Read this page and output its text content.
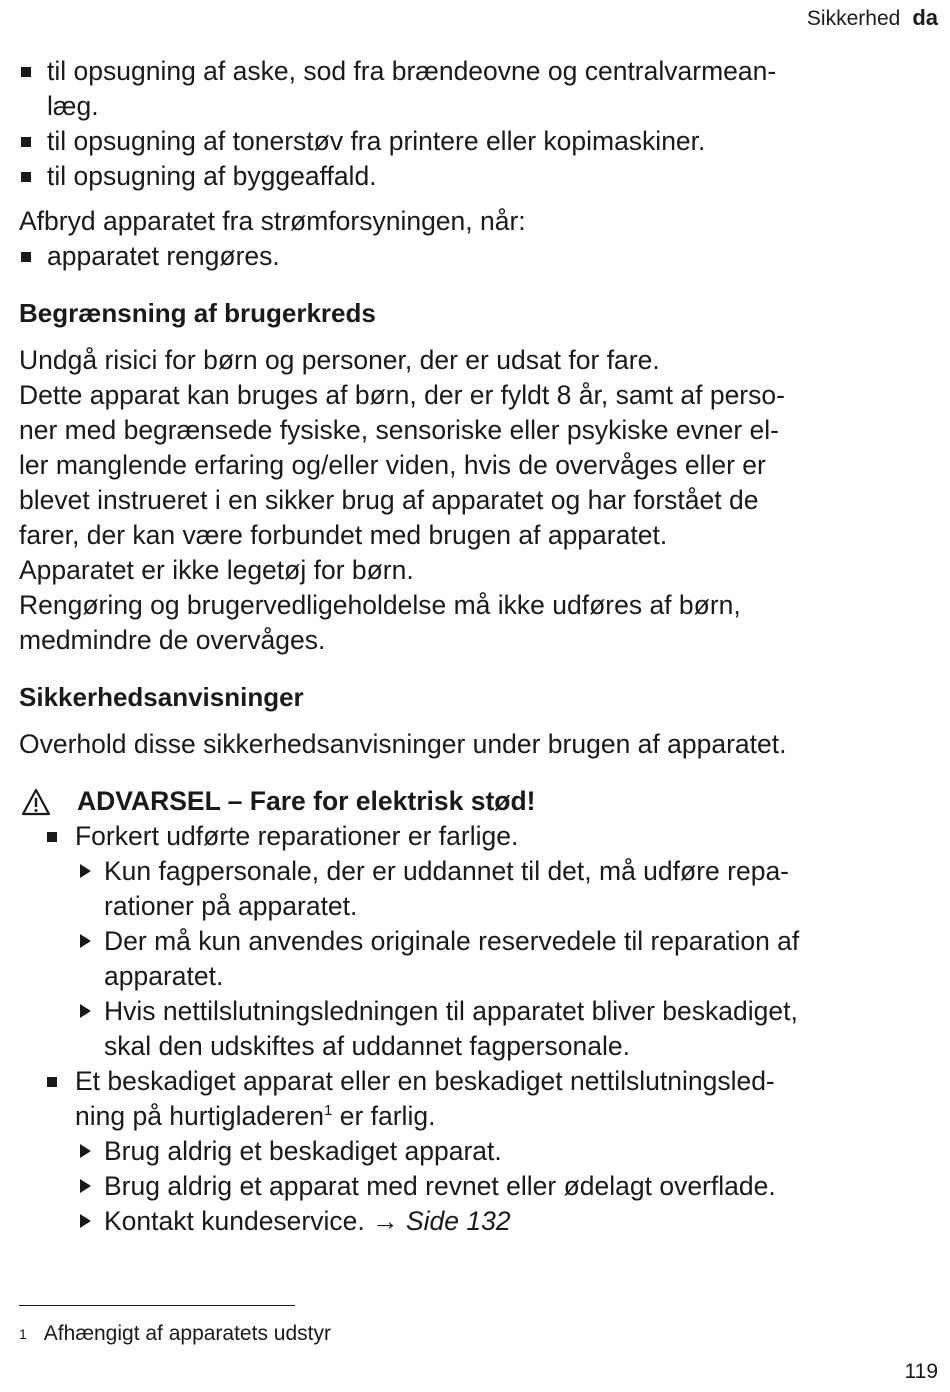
Sikkerhed da
til opsugning af aske, sod fra brændeovne og centralvarmean-
læg.
til opsugning af tonerstøv fra printere eller kopimaskiner.
til opsugning af byggeaffald.
Afbryd apparatet fra strømforsyningen, når:
apparatet rengøres.
Begrænsning af brugerkreds
Undgå risici for børn og personer, der er udsat for fare.
Dette apparat kan bruges af børn, der er fyldt 8 år, samt af perso-
ner med begrænsede fysiske, sensoriske eller psykiske evner el-
ler manglende erfaring og/eller viden, hvis de overvåges eller er
blevet instrueret i en sikker brug af apparatet og har forstået de
farer, der kan være forbundet med brugen af apparatet.
Apparatet er ikke legetøj for børn.
Rengøring og brugervedligeholdelse må ikke udføres af børn,
medmindre de overvåges.
Sikkerhedsanvisninger
Overhold disse sikkerhedsanvisninger under brugen af apparatet.
ADVARSEL – Fare for elektrisk stød!
Forkert udførte reparationer er farlige.
Kun fagpersonale, der er uddannet til det, må udføre repa-
rationer på apparatet.
Der må kun anvendes originale reservedele til reparation af
apparatet.
Hvis nettilslutningsledningen til apparatet bliver beskadiget,
skal den udskiftes af uddannet fagpersonale.
Et beskadiget apparat eller en beskadiget nettilslutningsled-
ning på hurtigladeren$^1$ er farlig.
Brug aldrig et beskadiget apparat.
Brug aldrig et apparat med revnet eller ødelagt overflade.
Kontakt kundeservice. → Side 132
$^1$ Afhængigt af apparatets udstyr
119
